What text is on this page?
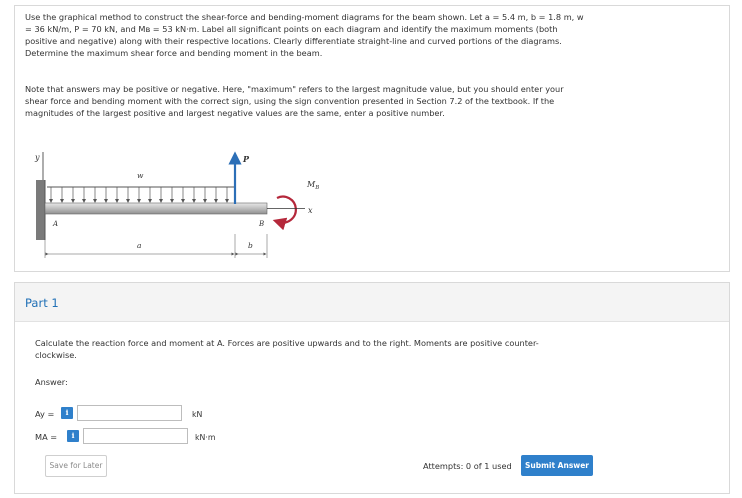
Use the graphical method to construct the shear-force and bending-moment diagrams for the beam shown. Let a = 5.4 m, b = 1.8 m, w

= 36 kN/m, P = 70 kN, and Mʙ = 53 kN·m. Label all significant points on each diagram and identify the maximum moments (both

positive and negative) along with their respective locations. Clearly differentiate straight-line and curved portions of the diagrams.

Determine the maximum shear force and bending moment in the beam.

Note that answers may be positive or negative. Here, "maximum" refers to the largest magnitude value, but you should enter your

shear force and bending moment with the correct sign, using the sign convention presented in Section 7.2 of the textbook. If the

magnitudes of the largest positive and largest negative values are the same, enter a positive number.

y
w
P
$M_B$
x
A	B
a	b
Part 1

Calculate the reaction force and moment at A. Forces are positive upwards and to the right. Moments are positive counter-

clockwise.

Answer:
Ay =	i	kN
MA =	i	kN·m
Save for Later	Attempts: 0 of 1 used	Submit Answer
